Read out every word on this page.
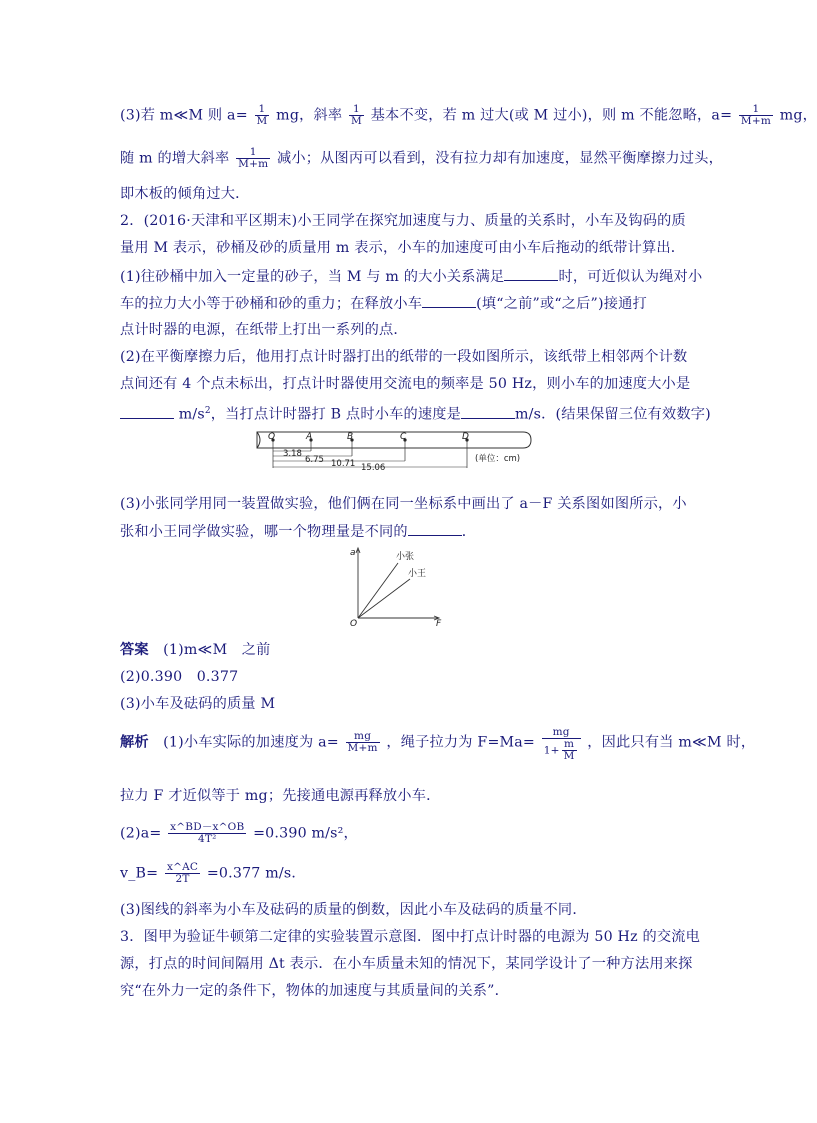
(3)若 m≪M 则 $a= \frac{1}{M}$ mg，斜率 $\frac{1}{M}$ 基本不变，若 m 过大(或 M 过小)，则 m 不能忽略，$a= \frac{1}{M+m}$ mg，
随 m 的增大斜率 $\frac{1}{M+m}$ 减小；从图丙可以看到，没有拉力却有加速度，显然平衡摩擦力过头，
即木板的倾角过大．
2．(2016·天津和平区期末)小王同学在探究加速度与力、质量的关系时，小车及钩码的质
量用 M 表示，砂桶及砂的质量用 m 表示，小车的加速度可由小车后拖动的纸带计算出．
(1)往砂桶中加入一定量的砂子，当 M 与 m 的大小关系满足	时，可近似认为绳对小
车的拉力大小等于砂桶和砂的重力；在释放小车	(填“之前”或“之后”)接通打
点计时器的电源，在纸带上打出一系列的点．
(2)在平衡摩擦力后，他用打点计时器打出的纸带的一段如图所示，该纸带上相邻两个计数
点间还有 4 个点未标出，打点计时器使用交流电的频率是 50 Hz，则小车的加速度大小是
$m/s^2$，当打点计时器打 B 点时小车的速度是	m/s．(结果保留三位有效数字)
O	A	B	C	D
3.18
6.75 10.71 15.06
(单位：cm)
(3)小张同学用同一装置做实验，他们俩在同一坐标系中画出了 a－F 关系图如图所示，小
张和小王同学做实验，哪一个物理量是不同的	．
a
F
O
小张
小王
答案　 (1)m≪M　之前
(2)0.390　0.377
(3)小车及砝码的质量 M
解析　 (1)小车实际的加速度为 $a= \frac{mg}{M+m}$ ，绳子拉力为 $F=Ma= \frac{mg}{1+ \frac{m}{M}}$ ，因此只有当 m≪M 时，
拉力 F 才近似等于 mg；先接通电源再释放小车．
$(2)a= \frac{x\^{}BD-x\^{}OB}{\text{4T²}} =0.390$ m/s²，
v_B= $\frac{x\^{}AC}{2T} =0.377$ m/s．
(3)图线的斜率为小车及砝码的质量的倒数，因此小车及砝码的质量不同．
3．图甲为验证牛顿第二定律的实验装置示意图．图中打点计时器的电源为 50 Hz 的交流电
源，打点的时间间隔用 Δt 表示．在小车质量未知的情况下，某同学设计了一种方法用来探
究“在外力一定的条件下，物体的加速度与其质量间的关系”．
